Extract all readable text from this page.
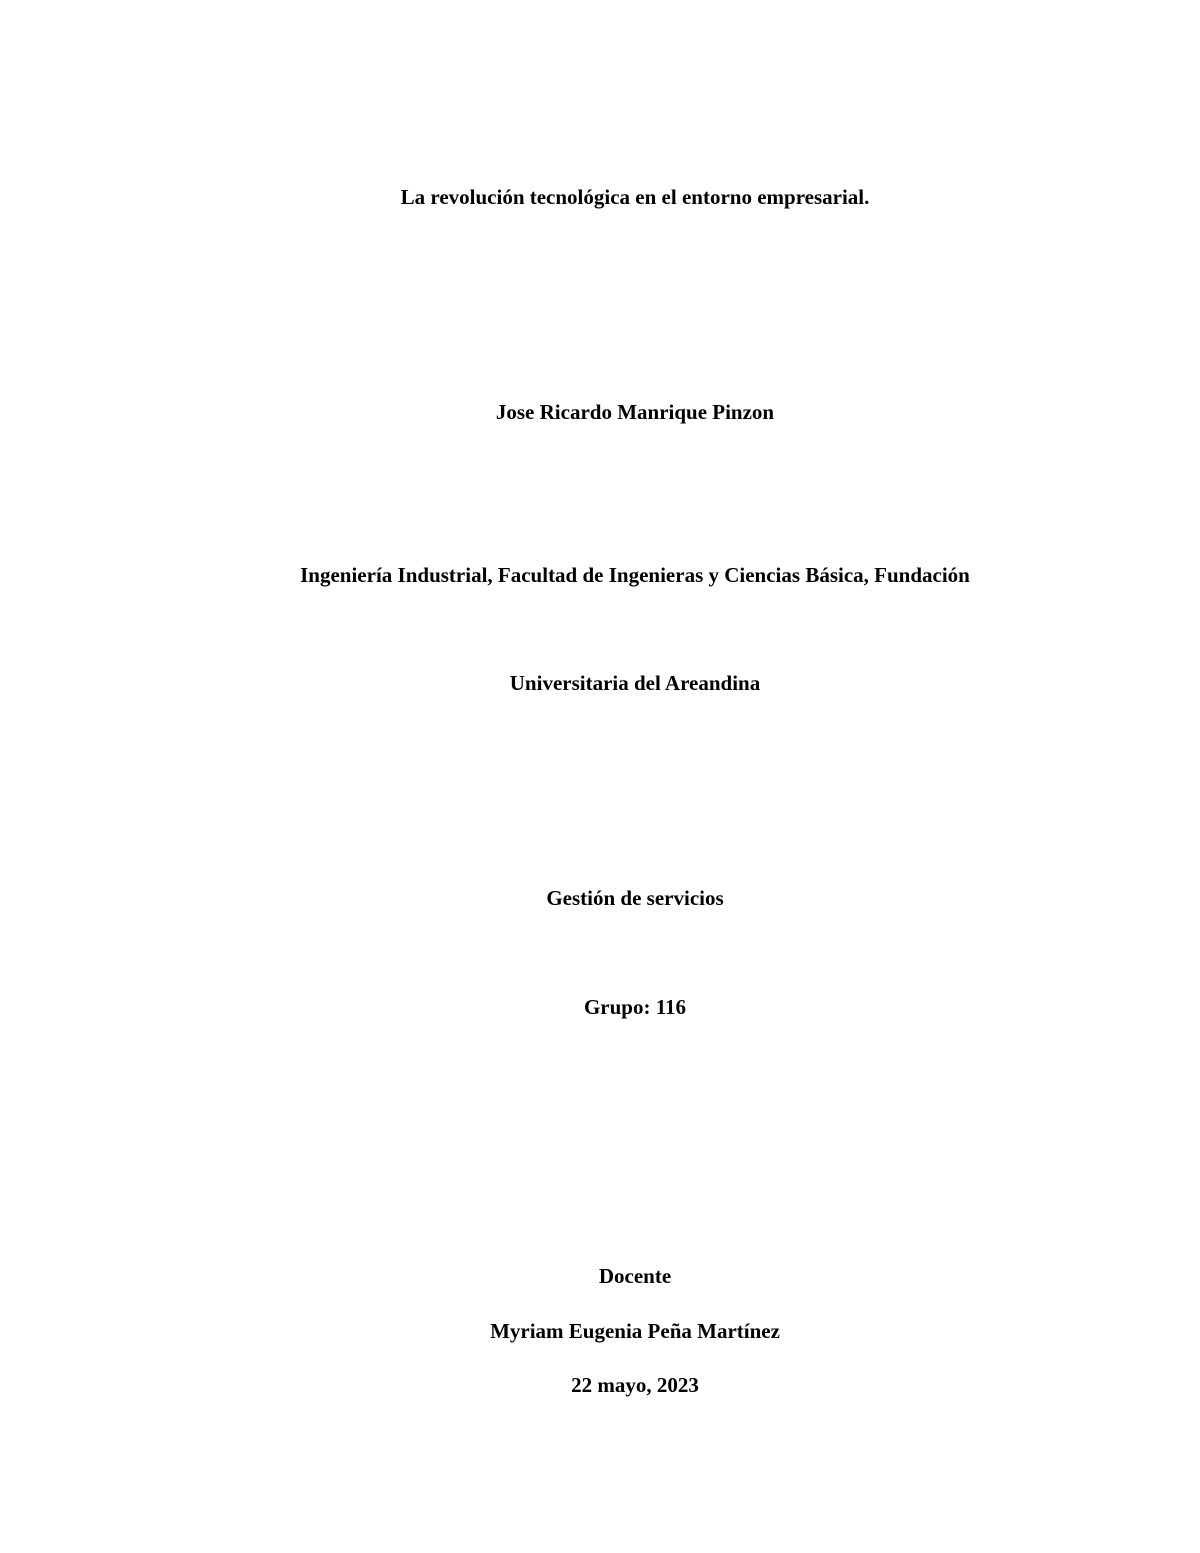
La revolución tecnológica en el entorno empresarial.
Jose Ricardo Manrique Pinzon
Ingeniería Industrial, Facultad de Ingenieras y Ciencias Básica, Fundación
Universitaria del Areandina
Gestión de servicios
Grupo: 116
Docente
Myriam Eugenia Peña Martínez
22 mayo, 2023
